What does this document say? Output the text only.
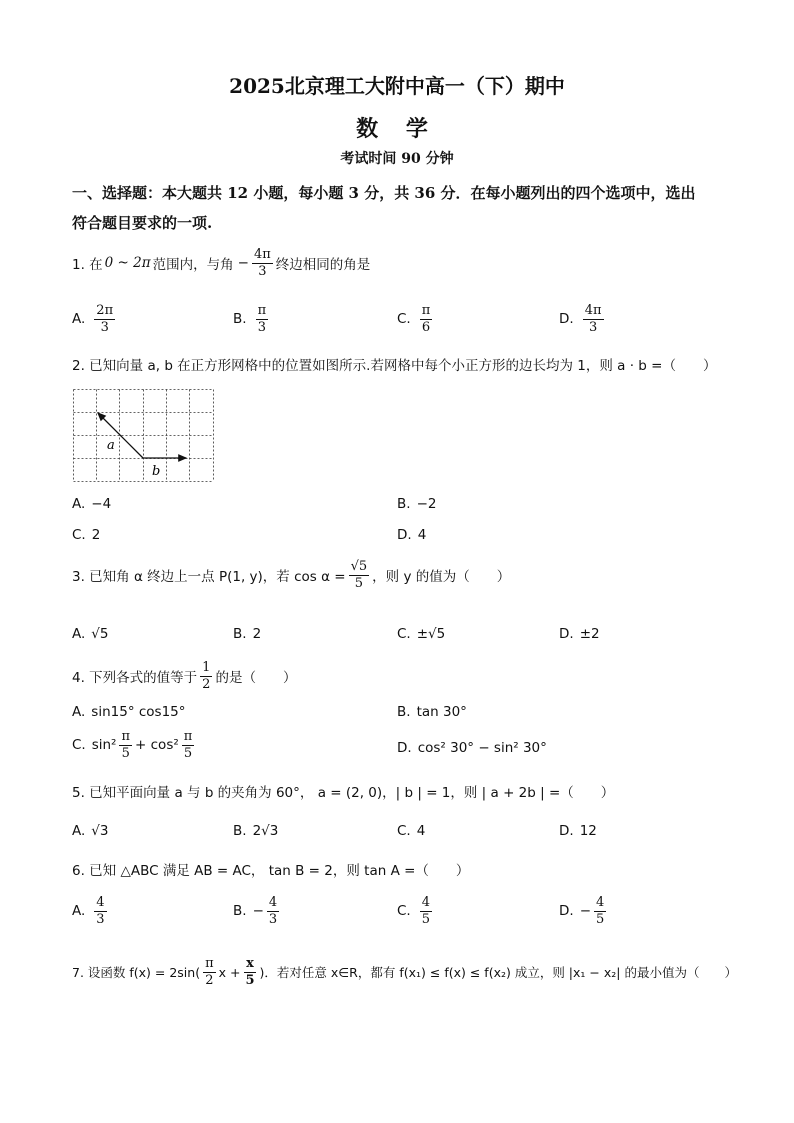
2025北京理工大附中高一（下）期中
数 学
考试时间 90 分钟
一、选择题：本大题共 12 小题，每小题 3 分，共 36 分．在每小题列出的四个选项中，选出
符合题目要求的一项.
1. 在 0 ~ 2π 范围内，与角 − $\frac{4\pi}{3}$ 终边相同的角是
A. $\frac{2\pi}{3}$	B. $\frac{\pi}{3}$	C. $\frac{\pi}{6}$	D. $\frac{4\pi}{3}$
2. 已知向量 a, b 在正方形网格中的位置如图所示.若网格中每个小正方形的边长均为 1，则 a · b =（　　）
a
b
A. −4	B. −2
C. 2	D. 4
3. 已知角 α 终边上一点 P(1, y)，若 $\cos \alpha = \frac{√5}{5}$ ，则 y 的值为（　　）
A. √5	B. 2	C. ±√5	D. ±2
4. 下列各式的值等于 $\frac{1}{2}$ 的是（　　）
A. sin15° cos15°	B. tan 30°
C. $\sin^2 \frac{\pi}{5} + \cos^2 \frac{\pi}{5}$	D. cos² 30° − sin² 30°
5. 已知平面向量 a 与 b 的夹角为 60°， a = (2, 0)，| b | = 1，则 | a + 2b | =（　　）
A. √3	B. 2√3	C. 4	D. 12
6. 已知 △ABC 满足 AB = AC， tan B = 2，则 tan A =（　　）
A. $\frac{4}{3}$	B. − $\frac{4}{3}$	C. $\frac{4}{5}$	D. − $\frac{4}{5}$
7. 设函数 $f(x) = 2\sin( \frac{\pi}{2}$ $x + \frac{x}{5}$ )．若对任意 x∈R，都有 f(x₁) ≤ f(x) ≤ f(x₂) 成立，则 |x₁ − x₂| 的最小值为（　　）
